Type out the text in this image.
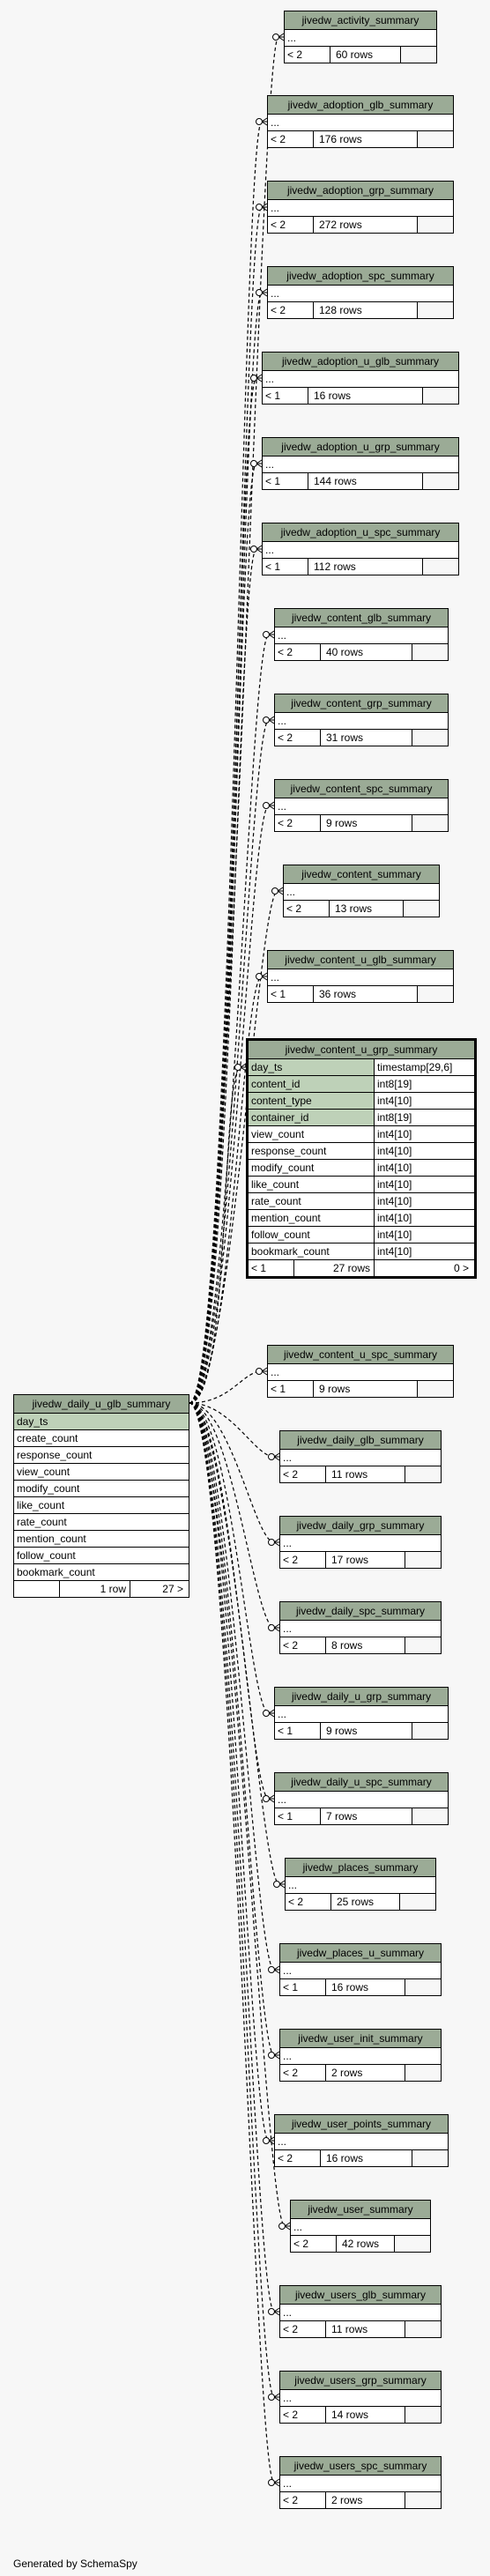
jivedw_activity_summary
...
< 2	60 rows
jivedw_adoption_glb_summary
...
< 2	176 rows
jivedw_adoption_grp_summary
...
< 2	272 rows
jivedw_adoption_spc_summary
...
< 2	128 rows
jivedw_adoption_u_glb_summary
...
< 1	16 rows
jivedw_adoption_u_grp_summary
...
< 1	144 rows
jivedw_adoption_u_spc_summary
...
< 1	112 rows
jivedw_content_glb_summary
...
< 2	40 rows
jivedw_content_grp_summary
...
< 2	31 rows
jivedw_content_spc_summary
...
< 2	9 rows
jivedw_content_summary
...
< 2	13 rows
jivedw_content_u_glb_summary
...
< 1	36 rows
jivedw_content_u_spc_summary
...
< 1	9 rows
jivedw_daily_glb_summary
...
< 2	11 rows
jivedw_daily_grp_summary
...
< 2	17 rows
jivedw_daily_spc_summary
...
< 2	8 rows
jivedw_daily_u_grp_summary
...
< 1	9 rows
jivedw_daily_u_spc_summary
...
< 1	7 rows
jivedw_places_summary
...
< 2	25 rows
jivedw_places_u_summary
...
< 1	16 rows
jivedw_user_init_summary
...
< 2	2 rows
jivedw_user_points_summary
...
< 2	16 rows
jivedw_user_summary
...
< 2	42 rows
jivedw_users_glb_summary
...
< 2	11 rows
jivedw_users_grp_summary
...
< 2	14 rows
jivedw_users_spc_summary
...
< 2	2 rows
jivedw_content_u_grp_summary
day_ts	timestamp[29,6]
content_id	int8[19]
content_type	int4[10]
container_id	int8[19]
view_count	int4[10]
response_count	int4[10]
modify_count	int4[10]
like_count	int4[10]
rate_count	int4[10]
mention_count	int4[10]
follow_count	int4[10]
bookmark_count	int4[10]
< 1	27 rows	0 >
jivedw_daily_u_glb_summary
day_ts
create_count
response_count
view_count
modify_count
like_count
rate_count
mention_count
follow_count
bookmark_count
1 row	27 >
Generated by SchemaSpy
